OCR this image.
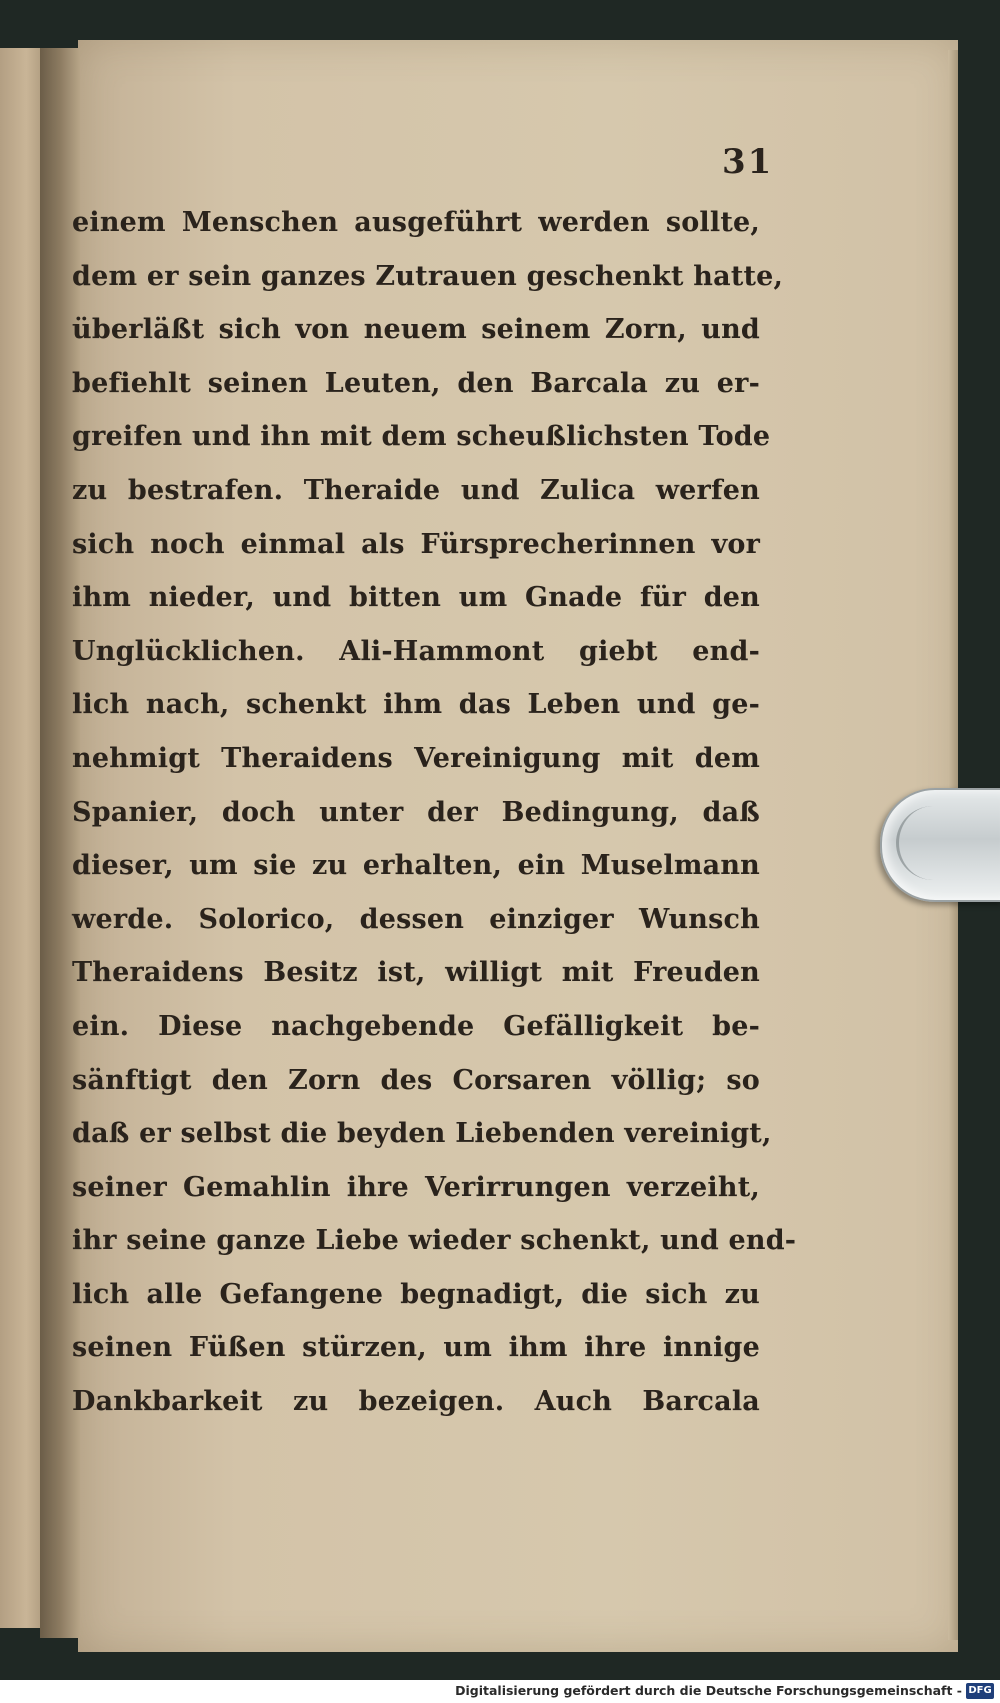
31
einem Menschen ausgeführt werden sollte,
dem er sein ganzes Zutrauen geschenkt hatte,
überläßt sich von neuem seinem Zorn, und
befiehlt seinen Leuten, den Barcala zu er-
greifen und ihn mit dem scheußlichsten Tode
zu bestrafen. Theraide und Zulica werfen
sich noch einmal als Fürsprecherinnen vor
ihm nieder, und bitten um Gnade für den
Unglücklichen. Ali-Hammont giebt end-
lich nach, schenkt ihm das Leben und ge-
nehmigt Theraidens Vereinigung mit dem
Spanier, doch unter der Bedingung, daß
dieser, um sie zu erhalten, ein Muselmann
werde. Solorico, dessen einziger Wunsch
Theraidens Besitz ist, willigt mit Freuden
ein. Diese nachgebende Gefälligkeit be-
sänftigt den Zorn des Corsaren völlig; so
daß er selbst die beyden Liebenden vereinigt,
seiner Gemahlin ihre Verirrungen verzeiht,
ihr seine ganze Liebe wieder schenkt, und end-
lich alle Gefangene begnadigt, die sich zu
seinen Füßen stürzen, um ihm ihre innige
Dankbarkeit zu bezeigen. Auch Barcala
Digitalisierung gefördert durch die Deutsche Forschungsgemeinschaft - DFG
